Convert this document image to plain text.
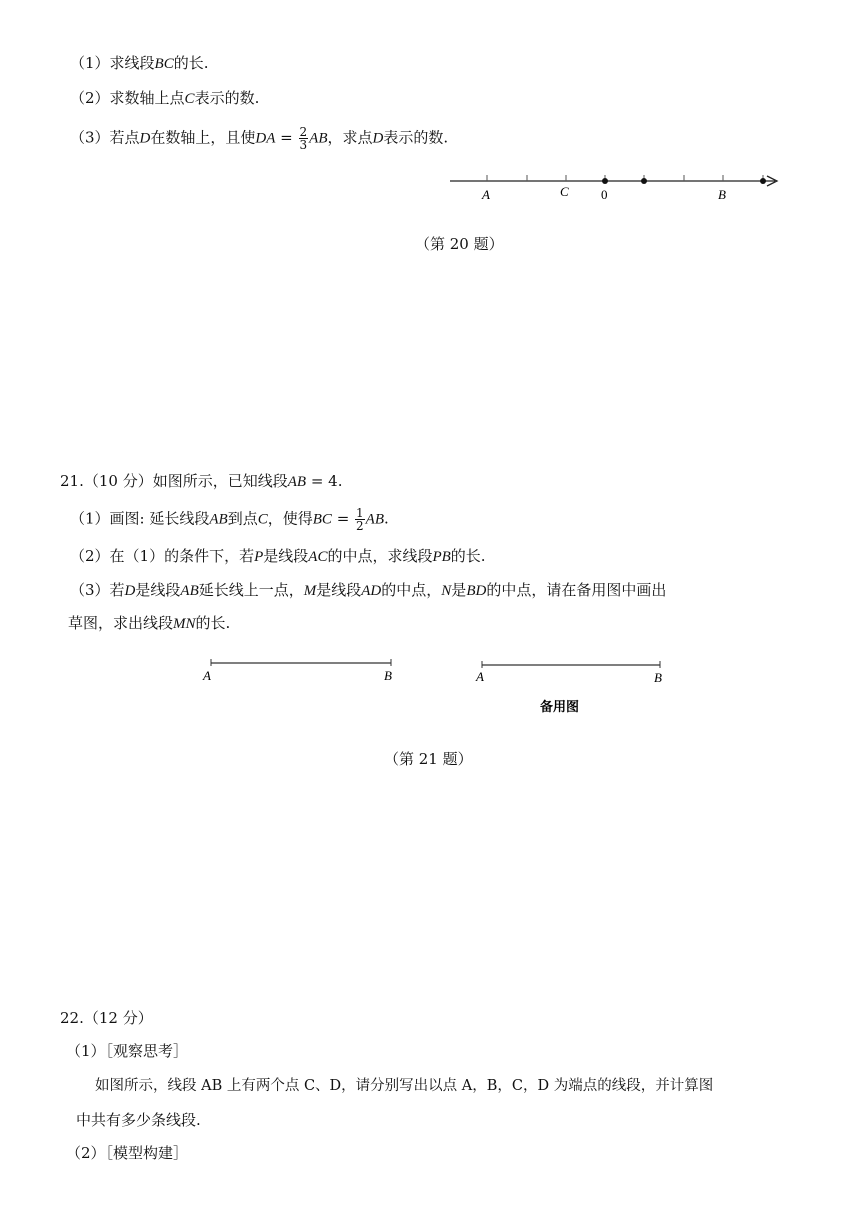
（1）求线段BC的长.
（2）求数轴上点C表示的数.
（3）若点D在数轴上，且使DA = $\frac{2}{3}$ AB，求点D表示的数.
A	C 0	B
（第 20 题）
21.（10 分）如图所示，已知线段AB = 4.
（1）画图: 延长线段AB到点C，使得BC = $\frac{1}{2}$ AB.
（2）在（1）的条件下，若P是线段AC的中点，求线段PB的长.
（3）若D是线段AB延长线上一点，M是线段AD的中点，N是BD的中点，请在备用图中画出
草图，求出线段MN的长.
A	B	A	B
备用图
（第 21 题）
22.（12 分）
（1）［观察思考］
如图所示，线段 AB 上有两个点 C、D，请分别写出以点 A，B，C，D 为端点的线段，并计算图
中共有多少条线段.
（2）［模型构建］
